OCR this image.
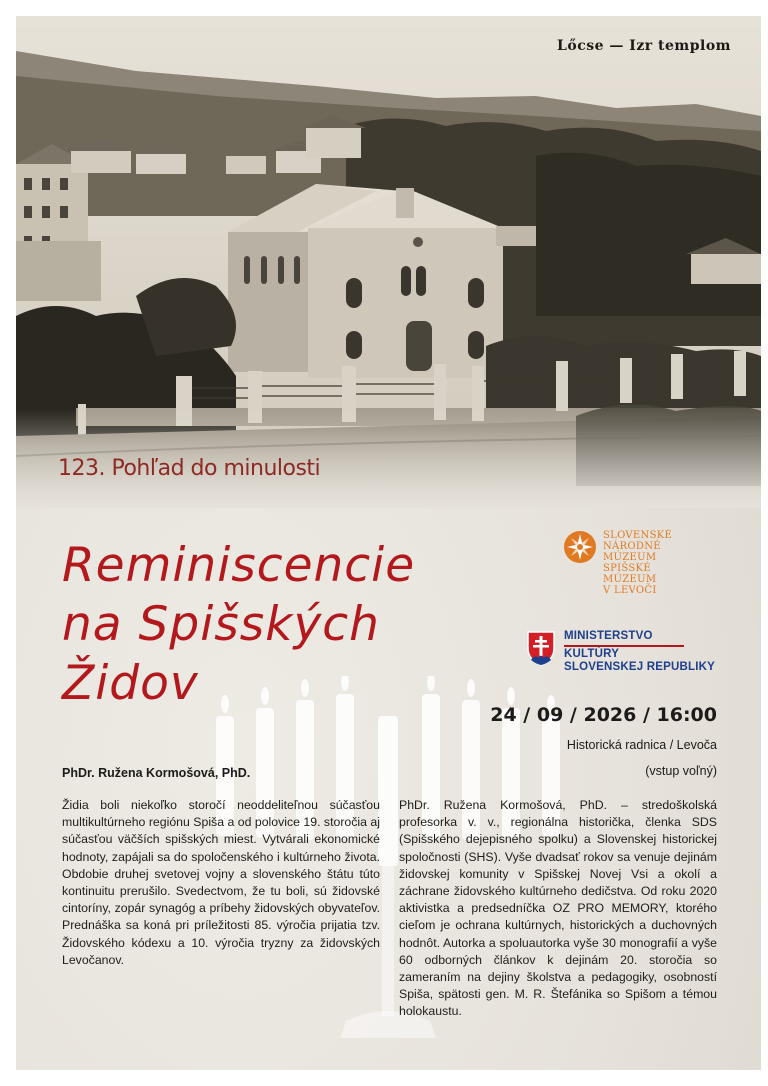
Lőcse — Izr templom
123. Pohľad do minulosti
Reminiscencie
na Spišských
Židov
SLOVENSKÉ
NÁRODNÉ
MÚZEUM
SPIŠSKÉ
MÚZEUM
V LEVOČI
MINISTERSTVO
KULTÚRY
SLOVENSKEJ REPUBLIKY
24 / 09 / 2026 / 16:00
Historická radnica / Levoča
(vstup voľný)
PhDr. Ružena Kormošová, PhD.
Židia boli niekoľko storočí neoddeliteľnou súčasťou multikultúrneho regiónu Spiša a od polovice 19. storočia aj súčasťou väčších spišských miest. Vytvárali ekonomické hodnoty, zapájali sa do spoločenského i kultúrneho života. Obdobie druhej svetovej vojny a slovenského štátu túto kontinuitu prerušilo. Svedectvom, že tu boli, sú židovské cintoríny, zopár synagóg a príbehy židovských obyvateľov. Prednáška sa koná pri príležitosti 85. výročia prijatia tzv. Židovského kódexu a 10. výročia tryzny za židovských Levočanov.
PhDr. Ružena Kormošová, PhD. – stredoškolská profesorka v. v., regionálna historička, členka SDS (Spišského dejepisného spolku) a Slovenskej historickej spoločnosti (SHS). Vyše dvadsať rokov sa venuje dejinám židovskej komunity v Spišskej Novej Vsi a okolí a záchrane židovského kultúrneho dedičstva. Od roku 2020 aktivistka a predsedníčka OZ PRO MEMORY, ktorého cieľom je ochrana kultúrnych, historických a duchovných hodnôt. Autorka a spoluautorka vyše 30 monografií a vyše 60 odborných článkov k dejinám 20. storočia so zameraním na dejiny školstva a pedagogiky, osobností Spiša, spätosti gen. M. R. Štefánika so Spišom a témou holokaustu.
